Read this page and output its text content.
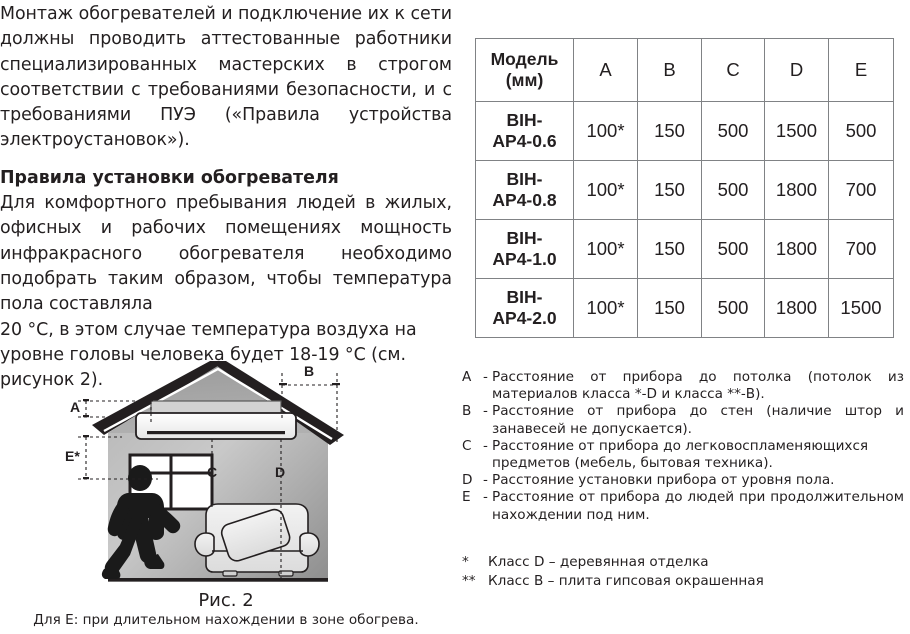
Монтаж обогревателей и подключение их к сети должны проводить аттестованные работники специализированных мастерских в строгом соответствии с требованиями безопасности, и с требованиями ПУЭ («Правила устройства электроустановок»).

Правила установки обогревателя

Для комфортного пребывания людей в жилых, офисных и рабочих помещениях мощность инфракрасного обогревателя необходимо подобрать таким образом, чтобы температура пола составляла

20 °C, в этом случае температура воздуха на уровне головы человека будет 18-19 °C (см. рисунок 2).

Модель
(мм)	A	B	C	D	E
BIH-
AP4-0.6	100*	150	500	1500	500
BIH-
AP4-0.8	100*	150	500	1800	700
BIH-
AP4-1.0	100*	150	500	1800	700
BIH-
AP4-2.0	100*	150	500	1800	1500
A - Расстояние от прибора до потолка (потолок из материалов класса *-D и класса **-B).
B - Расстояние от прибора до стен (наличие штор и занавесей не допускается).
C - Расстояние от прибора до легковоспламеняющихся предметов (мебель, бытовая техника).
D - Расстояние установки прибора от уровня пола.
E - Расстояние от прибора до людей при продолжительном нахождении под ним.
*	Класс D – деревянная отделка
** Класс B – плита гипсовая окрашенная
A
E*
B
C	D
Рис. 2
Для Е: при длительном нахождении в зоне обогрева.
